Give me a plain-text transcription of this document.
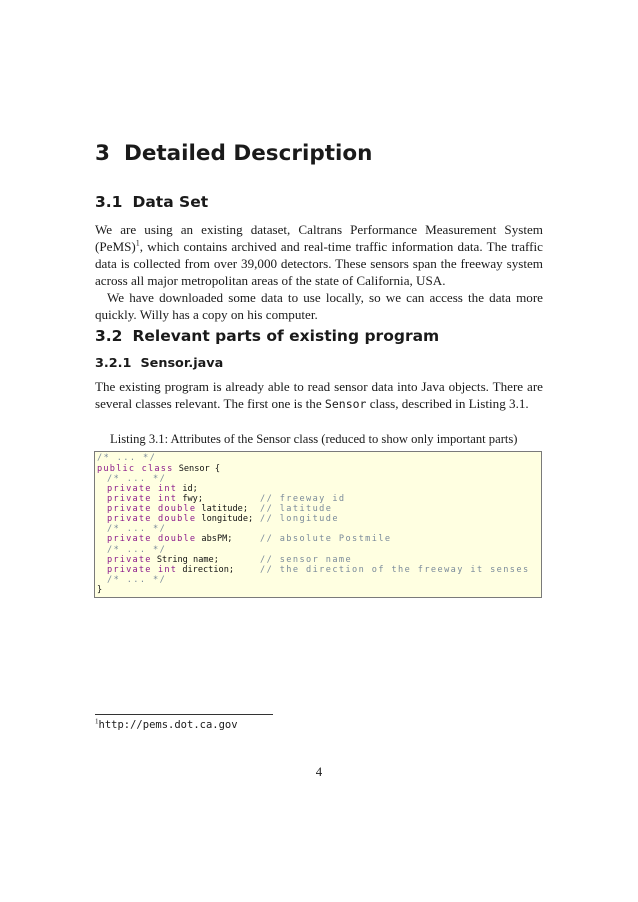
3 Detailed Description
3.1 Data Set

We are using an existing dataset, Caltrans Performance Measurement System (PeMS)$^1$, which contains archived and real-time traffic information data. The traffic data is collected from over 39,000 detectors. These sensors span the freeway system across all major metropolitan areas of the state of California, USA.

We have downloaded some data to use locally, so we can access the data more quickly. Willy has a copy on his computer.

3.2 Relevant parts of existing program
3.2.1 Sensor.java

The existing program is already able to read sensor data into Java objects. There are several classes relevant. The first one is the Sensor class, described in Listing 3.1.

Listing 3.1: Attributes of the Sensor class (reduced to show only important parts)
/* ... */
public class Sensor {
/* ... */
private int id;
private int fwy;	// freeway id
private double latitude; // latitude
private double longitude; // longitude
/* ... */
private double absPM;	// absolute Postmile
/* ... */
private String name;	// sensor name
private int direction;	// the direction of the freeway it senses
/* ... */
}
$^1$http://pems.dot.ca.gov
4
